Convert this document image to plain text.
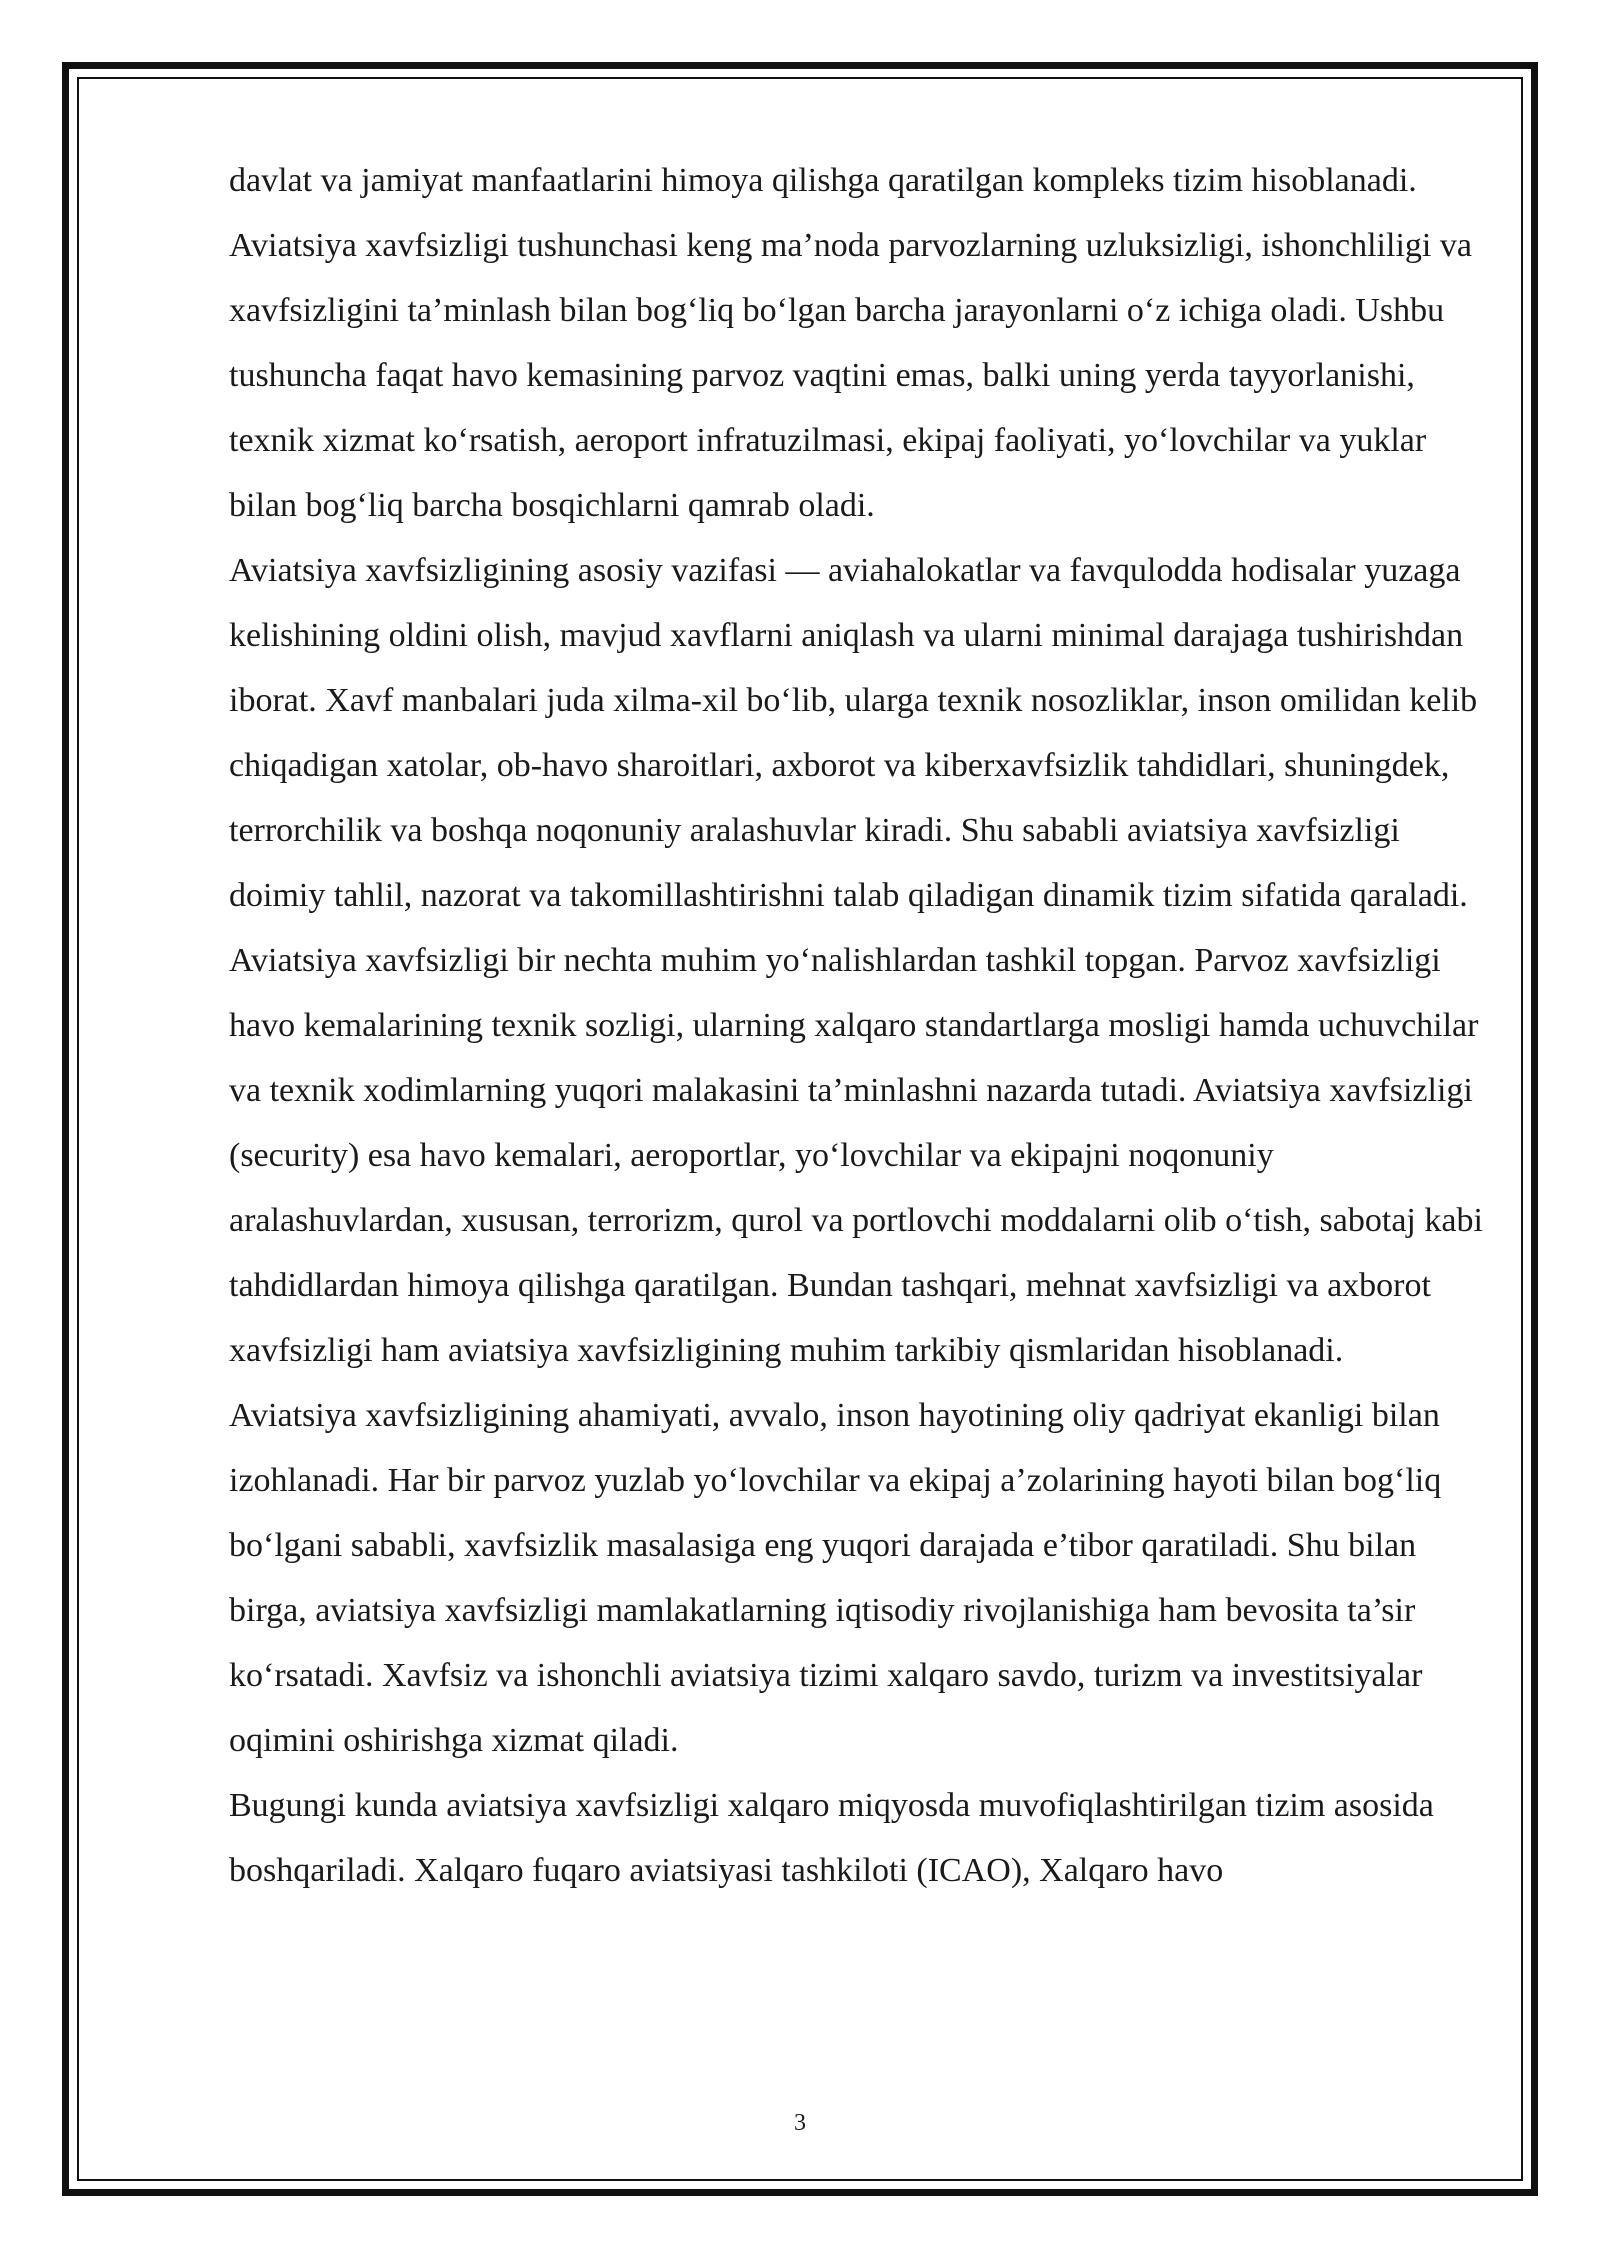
davlat va jamiyat manfaatlarini himoya qilishga qaratilgan kompleks tizim hisoblanadi. Aviatsiya xavfsizligi tushunchasi keng ma’noda parvozlarning uzluksizligi, ishonchliligi va xavfsizligini ta’minlash bilan bog‘liq bo‘lgan barcha jarayonlarni o‘z ichiga oladi. Ushbu tushuncha faqat havo kemasining parvoz vaqtini emas, balki uning yerda tayyorlanishi, texnik xizmat ko‘rsatish, aeroport infratuzilmasi, ekipaj faoliyati, yo‘lovchilar va yuklar bilan bog‘liq barcha bosqichlarni qamrab oladi.

Aviatsiya xavfsizligining asosiy vazifasi — aviahalokatlar va favqulodda hodisalar yuzaga kelishining oldini olish, mavjud xavflarni aniqlash va ularni minimal darajaga tushirishdan iborat. Xavf manbalari juda xilma-xil bo‘lib, ularga texnik nosozliklar, inson omilidan kelib chiqadigan xatolar, ob-havo sharoitlari, axborot va kiberxavfsizlik tahdidlari, shuningdek, terrorchilik va boshqa noqonuniy aralashuvlar kiradi. Shu sababli aviatsiya xavfsizligi doimiy tahlil, nazorat va takomillashtirishni talab qiladigan dinamik tizim sifatida qaraladi.

Aviatsiya xavfsizligi bir nechta muhim yo‘nalishlardan tashkil topgan. Parvoz xavfsizligi havo kemalarining texnik sozligi, ularning xalqaro standartlarga mosligi hamda uchuvchilar va texnik xodimlarning yuqori malakasini ta’minlashni nazarda tutadi. Aviatsiya xavfsizligi (security) esa havo kemalari, aeroportlar, yo‘lovchilar va ekipajni noqonuniy aralashuvlardan, xususan, terrorizm, qurol va portlovchi moddalarni olib o‘tish, sabotaj kabi tahdidlardan himoya qilishga qaratilgan. Bundan tashqari, mehnat xavfsizligi va axborot xavfsizligi ham aviatsiya xavfsizligining muhim tarkibiy qismlaridan hisoblanadi.

Aviatsiya xavfsizligining ahamiyati, avvalo, inson hayotining oliy qadriyat ekanligi bilan izohlanadi. Har bir parvoz yuzlab yo‘lovchilar va ekipaj a’zolarining hayoti bilan bog‘liq bo‘lgani sababli, xavfsizlik masalasiga eng yuqori darajada e’tibor qaratiladi. Shu bilan birga, aviatsiya xavfsizligi mamlakatlarning iqtisodiy rivojlanishiga ham bevosita ta’sir ko‘rsatadi. Xavfsiz va ishonchli aviatsiya tizimi xalqaro savdo, turizm va investitsiyalar oqimini oshirishga xizmat qiladi.

Bugungi kunda aviatsiya xavfsizligi xalqaro miqyosda muvofiqlashtirilgan tizim asosida boshqariladi. Xalqaro fuqaro aviatsiyasi tashkiloti (ICAO), Xalqaro havo

3
